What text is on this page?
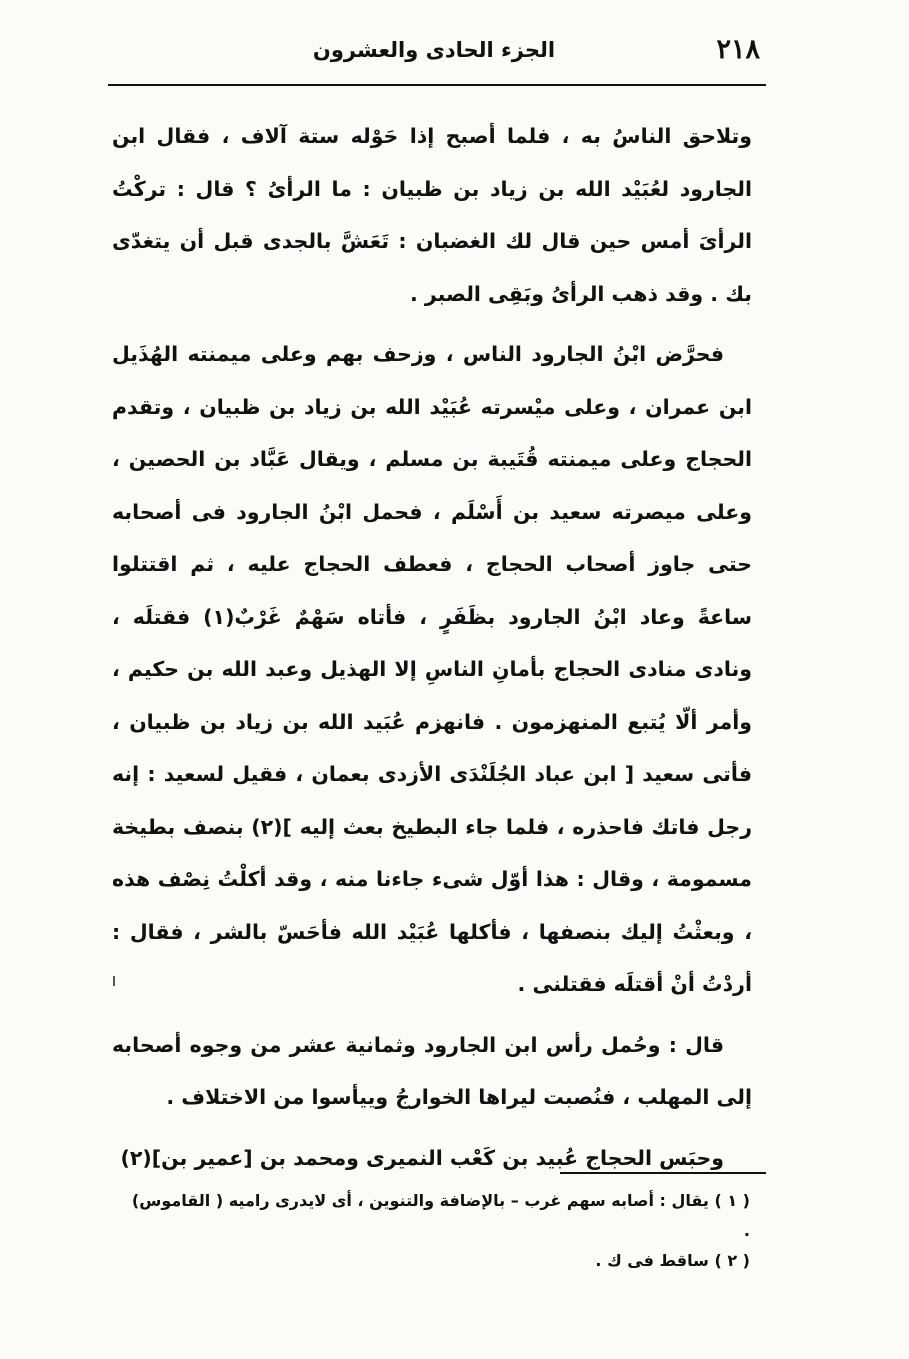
٢١٨
الجزء الحادى والعشرون

وتلاحق الناسُ به ، فلما أصبح إذا حَوْله ستة آلاف ، فقال ابن الجارود لعُبَيْد الله بن زياد بن ظبيان : ما الرأىُ ؟ قال : تركْتُ الرأىَ أمس حين قال لك الغضبان : تَعَشَّ بالجدى قبل أن يتغدّى بك . وقد ذهب الرأىُ وبَقِى الصبر .

فحرَّض ابْنُ الجارود الناس ، وزحف بهم وعلى ميمنته الهُذَيل ابن عمران ، وعلى ميْسرته عُبَيْد الله بن زياد بن ظبيان ، وتقدم الحجاج وعلى ميمنته قُتَيبة بن مسلم ، ويقال عَبَّاد بن الحصين ، وعلى ميصرته سعيد بن أَسْلَم ، فحمل ابْنُ الجارود فى أصحابه حتى جاوز أصحاب الحجاج ، فعطف الحجاج عليه ، ثم اقتتلوا ساعةً وعاد ابْنُ الجارود بظَفَرٍ ، فأتاه سَهْمٌ غَرْبٌ(١) فقتلَه ، ونادى منادى الحجاج بأمانِ الناسِ إلا الهذيل وعبد الله بن حكيم ، وأمر ألّا يُتبع المنهزمون . فانهزم عُبَيد الله بن زياد بن ظبيان ، فأتى سعيد [ ابن عباد الجُلَنْدَى الأزدى بعمان ، فقيل لسعيد : إنه رجل فاتك فاحذره ، فلما جاء البطيخ بعث إليه ](٢) بنصف بطيخة مسمومة ، وقال : هذا أوّل شىء جاءنا منه ، وقد أكلْتُ نِصْف هذه ، وبعثْتُ إليك بنصفها ، فأكلها عُبَيْد الله فأحَسّ بالشر ، فقال : أردْتُ أنْ أقتلَه فقتلنى .

قال : وحُمل رأس ابن الجارود وثمانية عشر من وجوه أصحابه إلى المهلب ، فنُصبت ليراها الخوارجُ وييأسوا من الاختلاف .

وحبَس الحجاج عُبيد بن كَعْب النميرى ومحمد بن [عمير بن](٢)

( ١ ) يقال : أصابه سهم غرب – بالإضافة والتنوين ، أى لايدرى راميه ( القاموس) .

( ٢ ) ساقط فى ك .
